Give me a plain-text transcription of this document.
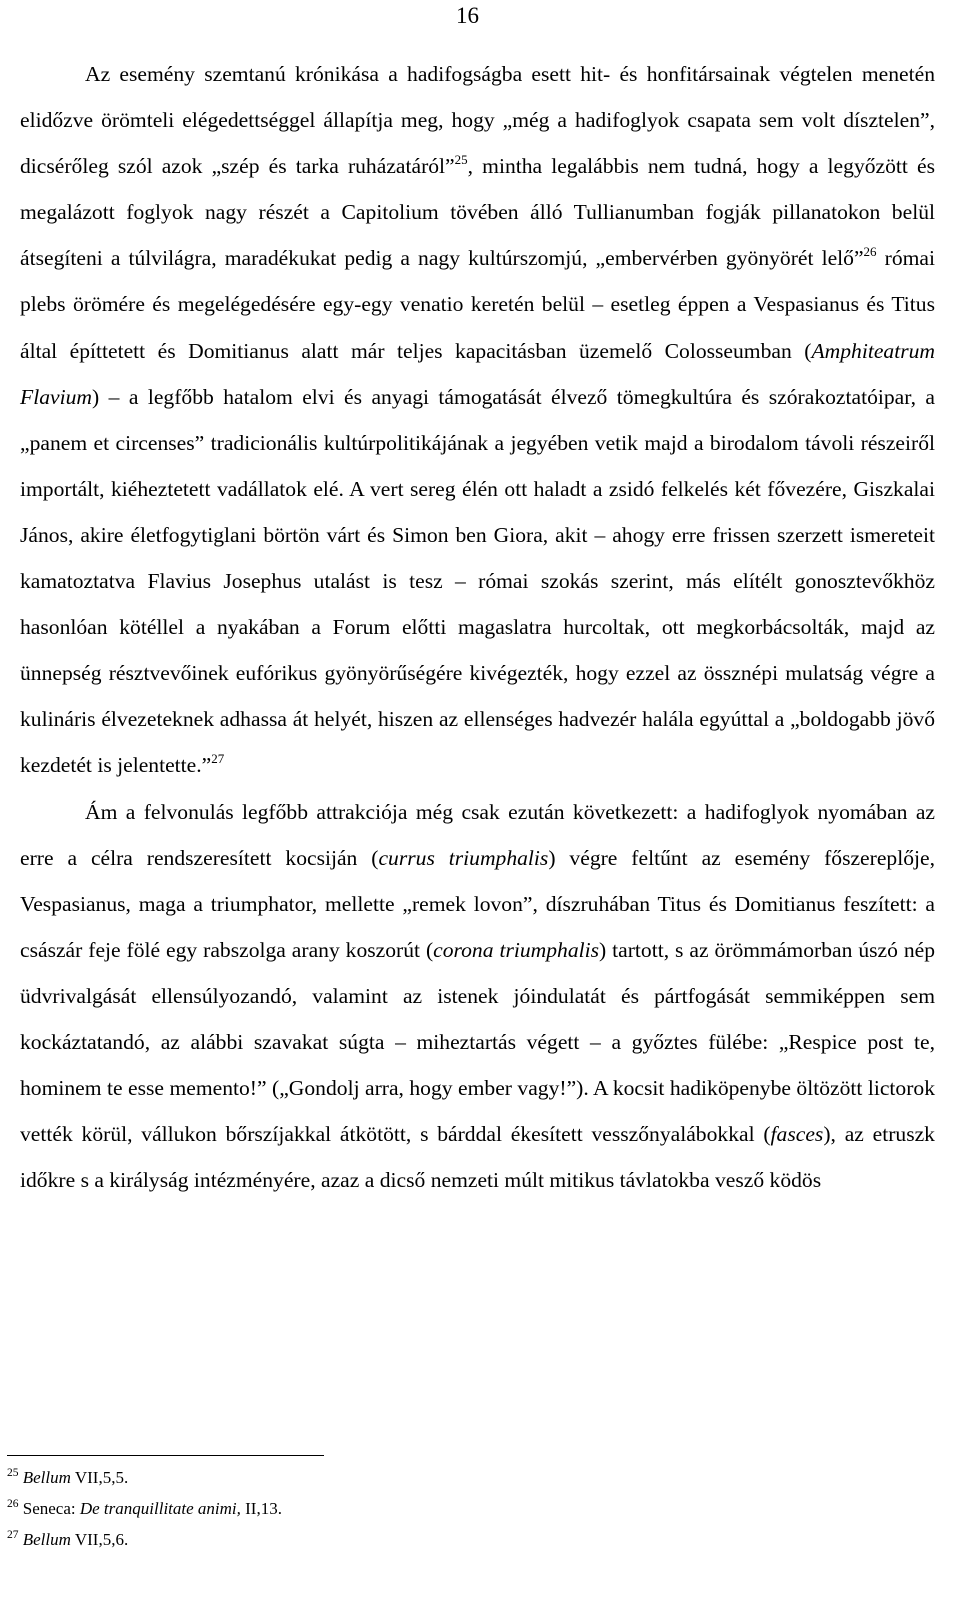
16

Az esemény szemtanú krónikása a hadifogságba esett hit- és honfitársainak végtelen menetén elidőzve örömteli elégedettséggel állapítja meg, hogy „még a hadifoglyok csapata sem volt dísztelen”, dicsérőleg szól azok „szép és tarka ruházatáról”$^{25}$, mintha legalábbis nem tudná, hogy a legyőzött és megalázott foglyok nagy részét a Capitolium tövében álló Tullianumban fogják pillanatokon belül átsegíteni a túlvilágra, maradékukat pedig a nagy kultúrszomjú, „embervérben gyönyörét lelő”$^{26}$ római plebs örömére és megelégedésére egy-egy venatio keretén belül – esetleg éppen a Vespasianus és Titus által építtetett és Domitianus alatt már teljes kapacitásban üzemelő Colosseumban (Amphiteatrum Flavium) – a legfőbb hatalom elvi és anyagi támogatását élvező tömegkultúra és szórakoztatóipar, a „panem et circenses” tradicionális kultúrpolitikájának a jegyében vetik majd a birodalom távoli részeiről importált, kiéheztetett vadállatok elé. A vert sereg élén ott haladt a zsidó felkelés két fővezére, Giszkalai János, akire életfogytiglani börtön várt és Simon ben Giora, akit – ahogy erre frissen szerzett ismereteit kamatoztatva Flavius Josephus utalást is tesz – római szokás szerint, más elítélt gonosztevőkhöz hasonlóan kötéllel a nyakában a Forum előtti magaslatra hurcoltak, ott megkorbácsolták, majd az ünnepség résztvevőinek eufórikus gyönyörűségére kivégezték, hogy ezzel az össznépi mulatság végre a kulináris élvezeteknek adhassa át helyét, hiszen az ellenséges hadvezér halála egyúttal a „boldogabb jövő kezdetét is jelentette.”$^{27}$

Ám a felvonulás legfőbb attrakciója még csak ezután következett: a hadifoglyok nyomában az erre a célra rendszeresített kocsiján (currus triumphalis) végre feltűnt az esemény főszereplője, Vespasianus, maga a triumphator, mellette „remek lovon”, díszruhában Titus és Domitianus feszített: a császár feje fölé egy rabszolga arany koszorút (corona triumphalis) tartott, s az örömmámorban úszó nép üdvrivalgását ellensúlyozandó, valamint az istenek jóindulatát és pártfogását semmiképpen sem kockáztatandó, az alábbi szavakat súgta – miheztartás végett – a győztes fülébe: „Respice post te, hominem te esse memento!” („Gondolj arra, hogy ember vagy!”). A kocsit hadiköpenybe öltözött lictorok vették körül, vállukon bőrszíjakkal átkötött, s bárddal ékesített vesszőnyalábokkal (fasces), az etruszk időkre s a királyság intézményére, azaz a dicső nemzeti múlt mitikus távlatokba vesző ködös

$^{25}$ Bellum VII,5,5.
$^{26}$ Seneca: De tranquillitate animi, II,13.
$^{27}$ Bellum VII,5,6.
